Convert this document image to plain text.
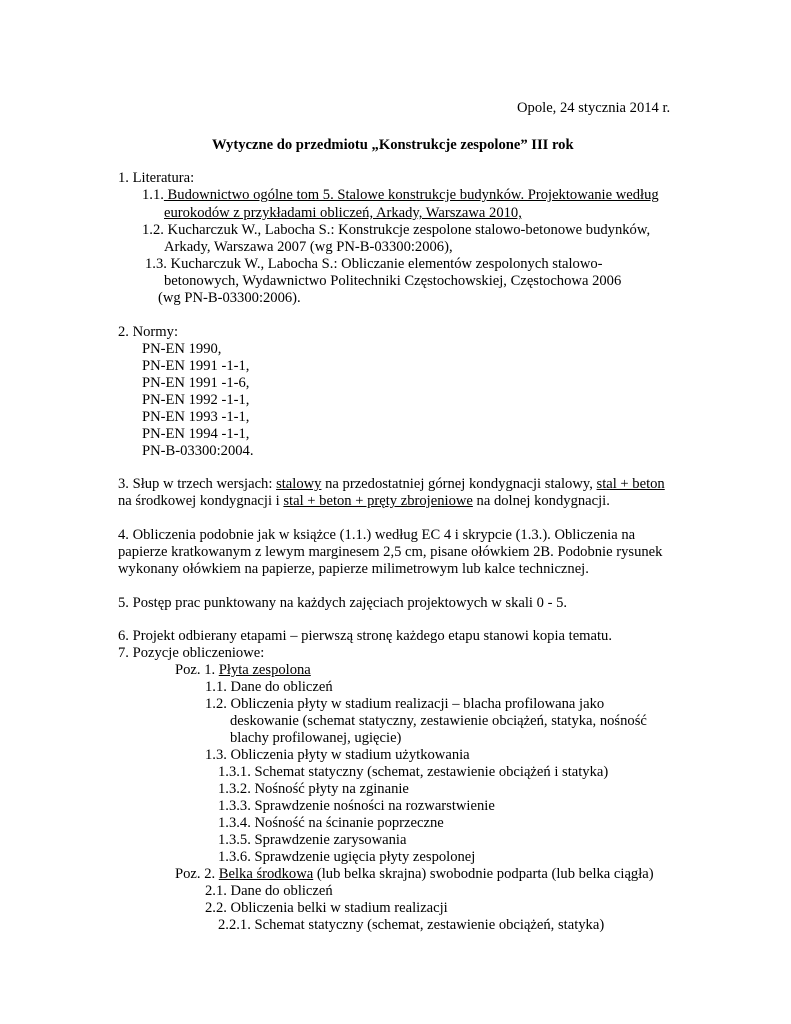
Opole, 24 stycznia 2014 r.
Wytyczne do przedmiotu „Konstrukcje zespolone” III rok
1. Literatura:
1.1. Budownictwo ogólne tom 5. Stalowe konstrukcje budynków. Projektowanie według
eurokodów z przykładami obliczeń, Arkady, Warszawa 2010,
1.2. Kucharczuk W., Labocha S.: Konstrukcje zespolone stalowo-betonowe budynków,
Arkady, Warszawa 2007 (wg PN-B-03300:2006),
1.3. Kucharczuk W., Labocha S.: Obliczanie elementów zespolonych stalowo-
betonowych, Wydawnictwo Politechniki Częstochowskiej, Częstochowa 2006
(wg PN-B-03300:2006).
2. Normy:
PN-EN 1990,
PN-EN 1991 -1-1,
PN-EN 1991 -1-6,
PN-EN 1992 -1-1,
PN-EN 1993 -1-1,
PN-EN 1994 -1-1,
PN-B-03300:2004.
3. Słup w trzech wersjach: stalowy na przedostatniej górnej kondygnacji stalowy, stal + beton
na środkowej kondygnacji i stal + beton + pręty zbrojeniowe na dolnej kondygnacji.
4. Obliczenia podobnie jak w książce (1.1.) według EC 4 i skrypcie (1.3.). Obliczenia na
papierze kratkowanym z lewym marginesem 2,5 cm, pisane ołówkiem 2B. Podobnie rysunek
wykonany ołówkiem na papierze, papierze milimetrowym lub kalce technicznej.
5. Postęp prac punktowany na każdych zajęciach projektowych w skali 0 - 5.
6. Projekt odbierany etapami – pierwszą stronę każdego etapu stanowi kopia tematu.
7. Pozycje obliczeniowe:
Poz. 1. Płyta zespolona
1.1. Dane do obliczeń
1.2. Obliczenia płyty w stadium realizacji – blacha profilowana jako
deskowanie (schemat statyczny, zestawienie obciążeń, statyka, nośność
blachy profilowanej, ugięcie)
1.3. Obliczenia płyty w stadium użytkowania
1.3.1. Schemat statyczny (schemat, zestawienie obciążeń i statyka)
1.3.2. Nośność płyty na zginanie
1.3.3. Sprawdzenie nośności na rozwarstwienie
1.3.4. Nośność na ścinanie poprzeczne
1.3.5. Sprawdzenie zarysowania
1.3.6. Sprawdzenie ugięcia płyty zespolonej
Poz. 2. Belka środkowa (lub belka skrajna) swobodnie podparta (lub belka ciągła)
2.1. Dane do obliczeń
2.2. Obliczenia belki w stadium realizacji
2.2.1. Schemat statyczny (schemat, zestawienie obciążeń, statyka)
